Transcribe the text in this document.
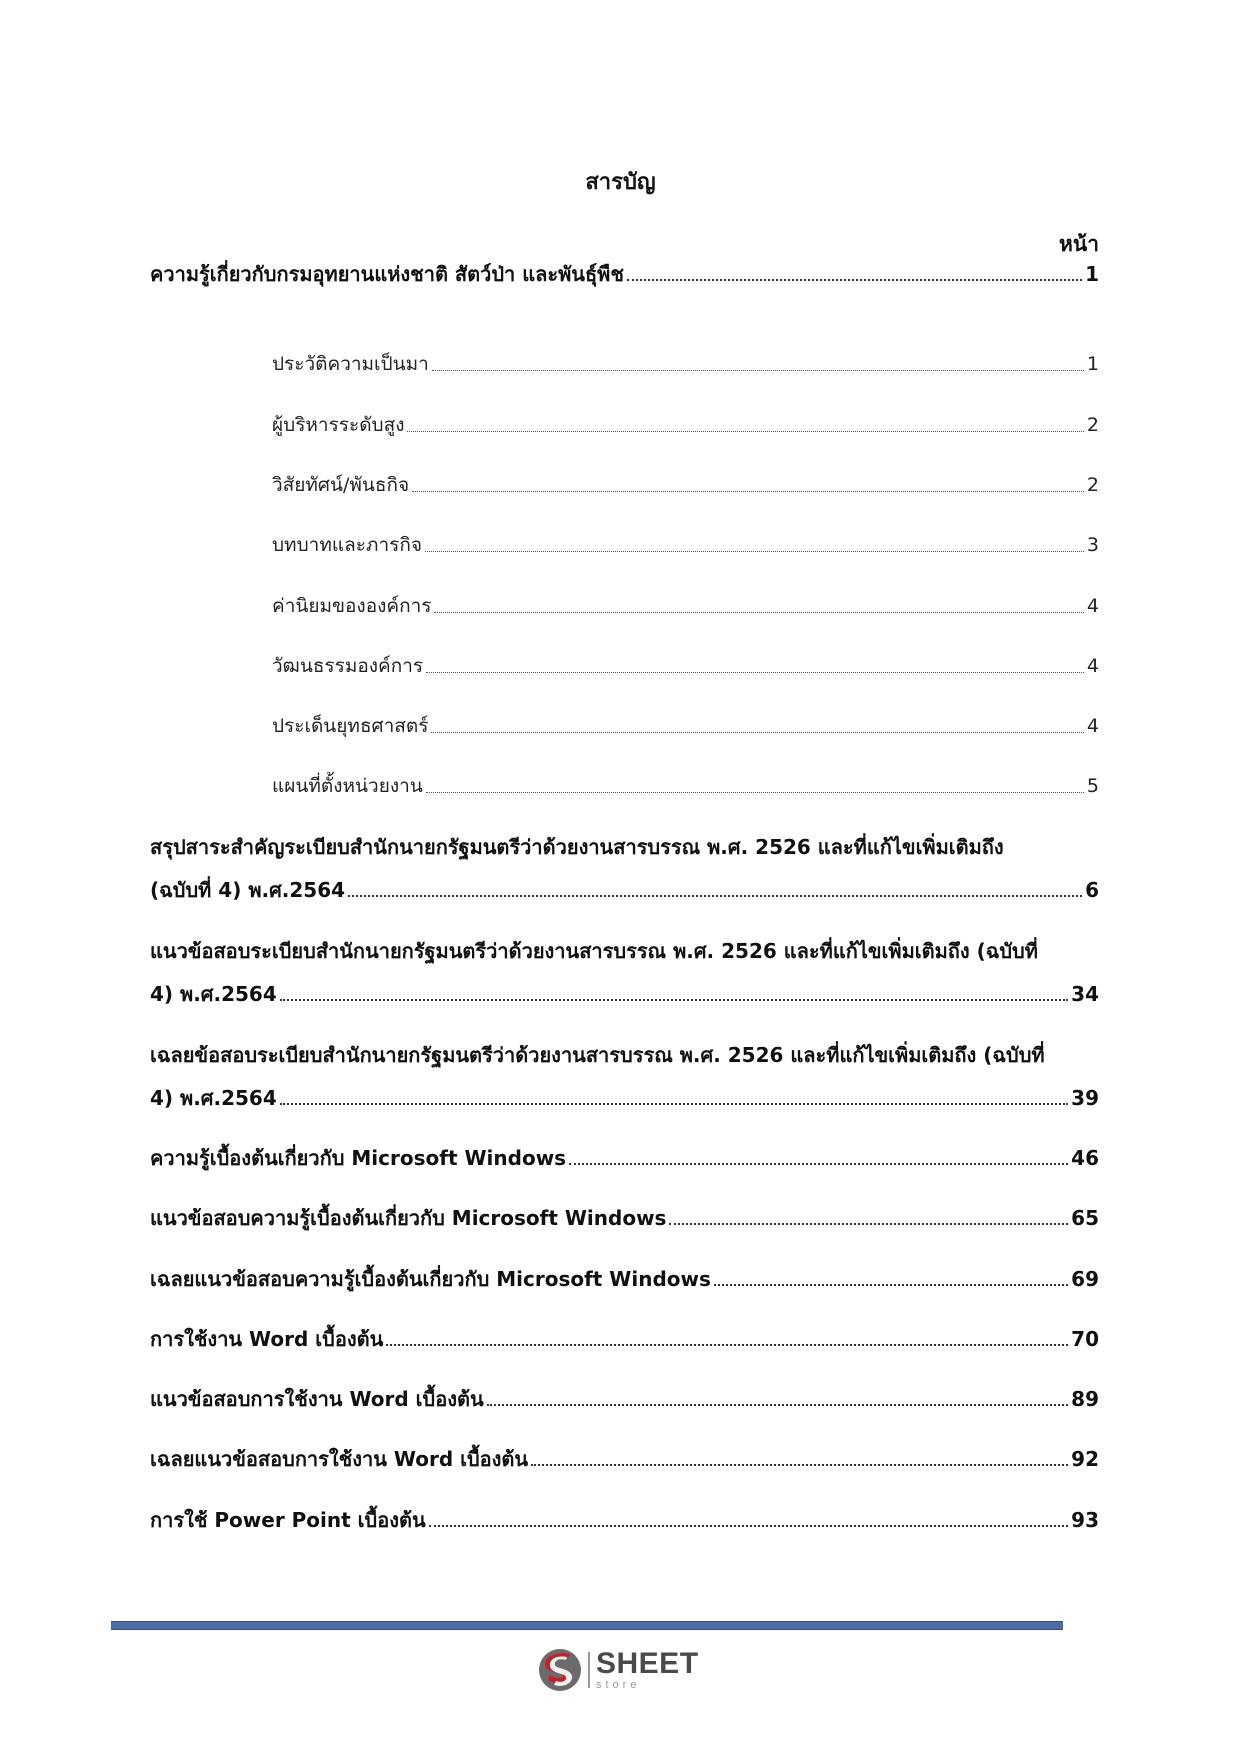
สารบัญ
หน้า
ความรู้เกี่ยวกับกรมอุทยานแห่งชาติ สัตว์ป่า และพันธุ์พืช	1
ประวัติความเป็นมา	1
ผู้บริหารระดับสูง	2
วิสัยทัศน์/พันธกิจ	2
บทบาทและภารกิจ	3
ค่านิยมขององค์การ	4
วัฒนธรรมองค์การ	4
ประเด็นยุทธศาสตร์	4
แผนที่ตั้งหน่วยงาน	5
สรุปสาระสำคัญระเบียบสำนักนายกรัฐมนตรีว่าด้วยงานสารบรรณ พ.ศ. 2526 และที่แก้ไขเพิ่มเติมถึง
(ฉบับที่ 4) พ.ศ.2564	6
แนวข้อสอบระเบียบสำนักนายกรัฐมนตรีว่าด้วยงานสารบรรณ พ.ศ. 2526 และที่แก้ไขเพิ่มเติมถึง (ฉบับที่
4) พ.ศ.2564	34
เฉลยข้อสอบระเบียบสำนักนายกรัฐมนตรีว่าด้วยงานสารบรรณ พ.ศ. 2526 และที่แก้ไขเพิ่มเติมถึง (ฉบับที่
4) พ.ศ.2564	39
ความรู้เบื้องต้นเกี่ยวกับ Microsoft Windows	46
แนวข้อสอบความรู้เบื้องต้นเกี่ยวกับ Microsoft Windows	65
เฉลยแนวข้อสอบความรู้เบื้องต้นเกี่ยวกับ Microsoft Windows	69
การใช้งาน Word เบื้องต้น	70
แนวข้อสอบการใช้งาน Word เบื้องต้น	89
เฉลยแนวข้อสอบการใช้งาน Word เบื้องต้น	92
การใช้ Power Point เบื้องต้น	93
SHEET
store
